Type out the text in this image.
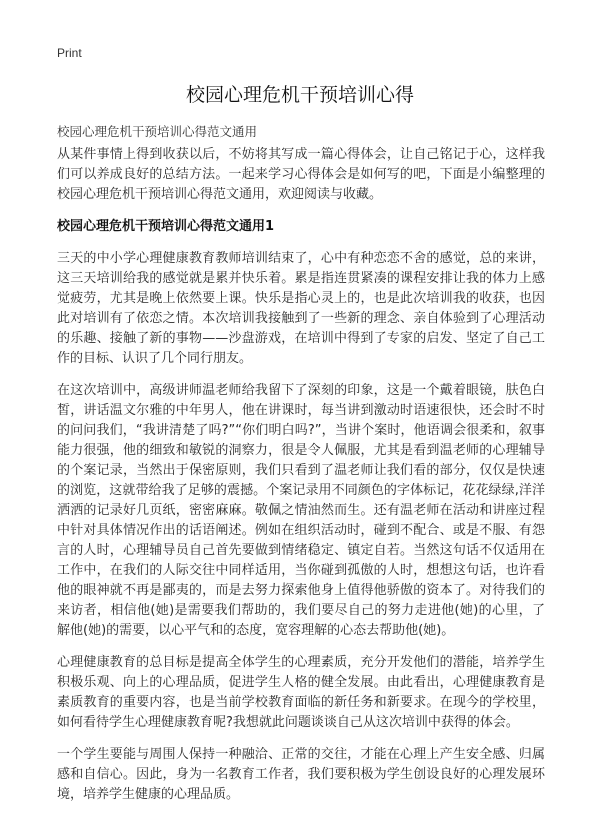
Print
校园心理危机干预培训心得
校园心理危机干预培训心得范文通用

从某件事情上得到收获以后，不妨将其写成一篇心得体会，让自己铭记于心，这样我们可以养成良好的总结方法。一起来学习心得体会是如何写的吧，下面是小编整理的校园心理危机干预培训心得范文通用，欢迎阅读与收藏。

校园心理危机干预培训心得范文通用1

三天的中小学心理健康教育教师培训结束了，心中有种恋恋不舍的感觉，总的来讲，这三天培训给我的感觉就是累并快乐着。累是指连贯紧凑的课程安排让我的体力上感觉疲劳，尤其是晚上依然要上课。快乐是指心灵上的，也是此次培训我的收获，也因此对培训有了依恋之情。本次培训我接触到了一些新的理念、亲自体验到了心理活动的乐趣、接触了新的事物——沙盘游戏，在培训中得到了专家的启发、坚定了自己工作的目标、认识了几个同行朋友。

在这次培训中，高级讲师温老师给我留下了深刻的印象，这是一个戴着眼镜，肤色白皙，讲话温文尔雅的中年男人，他在讲课时，每当讲到激动时语速很快，还会时不时的问问我们，“我讲清楚了吗?”“你们明白吗?”，当讲个案时，他语调会很柔和，叙事能力很强，他的细致和敏锐的洞察力，很是令人佩服，尤其是看到温老师的心理辅导的个案记录，当然出于保密原则，我们只看到了温老师让我们看的部分，仅仅是快速的浏览，这就带给我了足够的震撼。个案记录用不同颜色的字体标记，花花绿绿,洋洋洒洒的记录好几页纸，密密麻麻。敬佩之情油然而生。还有温老师在活动和讲座过程中针对具体情况作出的话语阐述。例如在组织活动时，碰到不配合、或是不服、有怨言的人时，心理辅导员自己首先要做到情绪稳定、镇定自若。当然这句话不仅适用在工作中，在我们的人际交往中同样适用，当你碰到孤傲的人时，想想这句话，也许看他的眼神就不再是鄙夷的，而是去努力探索他身上值得他骄傲的资本了。对待我们的来访者，相信他(她)是需要我们帮助的，我们要尽自己的努力走进他(她)的心里，了解他(她)的需要，以心平气和的态度，宽容理解的心态去帮助他(她)。

心理健康教育的总目标是提高全体学生的心理素质，充分开发他们的潜能，培养学生积极乐观、向上的心理品质，促进学生人格的健全发展。由此看出，心理健康教育是素质教育的重要内容，也是当前学校教育面临的新任务和新要求。在现今的学校里，如何看待学生心理健康教育呢?我想就此问题谈谈自己从这次培训中获得的体会。

一个学生要能与周围人保持一种融洽、正常的交往，才能在心理上产生安全感、归属感和自信心。因此，身为一名教育工作者，我们要积极为学生创设良好的心理发展环境，培养学生健康的心理品质。
